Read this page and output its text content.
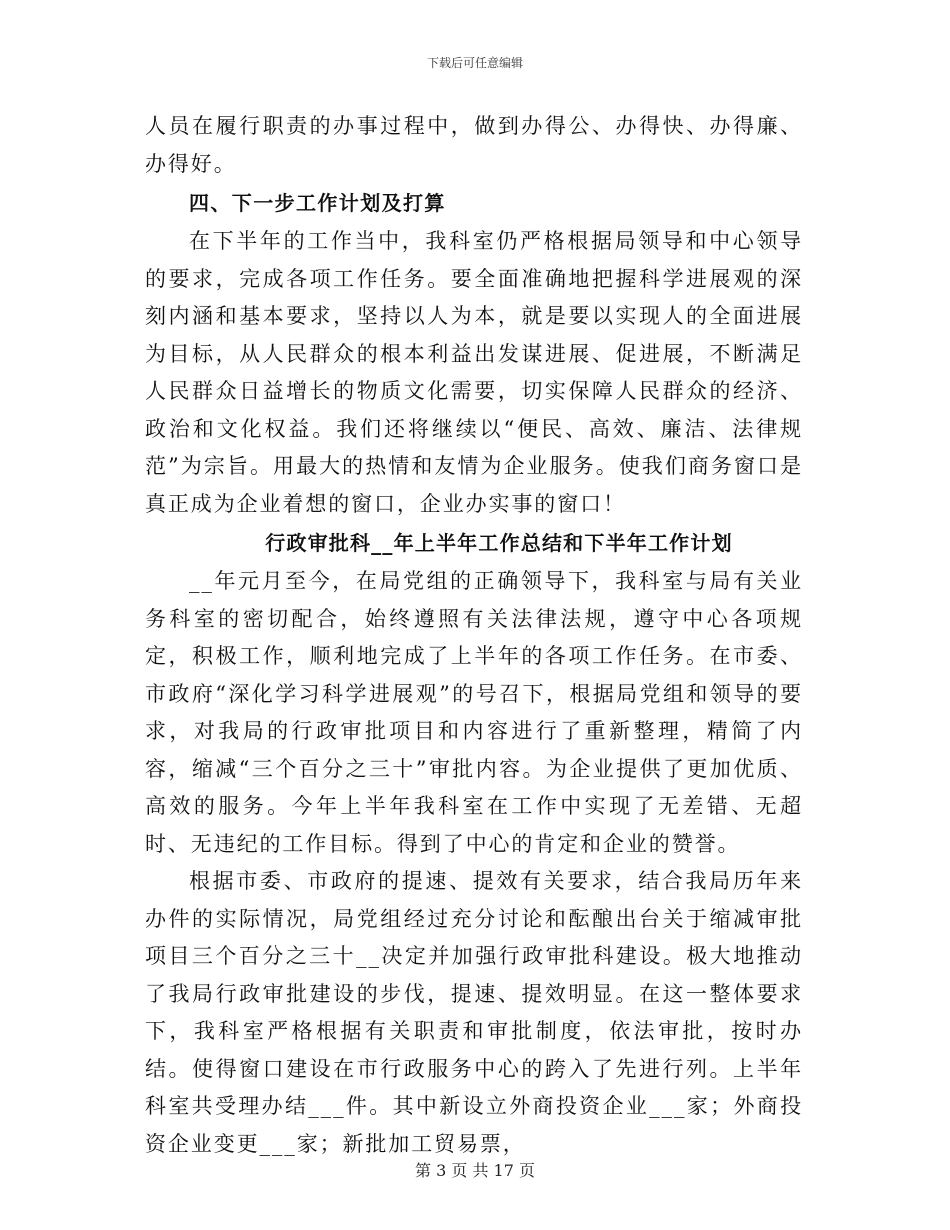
下载后可任意编辑

人员在履行职责的办事过程中，做到办得公、办得快、办得廉、办得好。

四、下一步工作计划及打算

在下半年的工作当中，我科室仍严格根据局领导和中心领导的要求，完成各项工作任务。要全面准确地把握科学进展观的深刻内涵和基本要求，坚持以人为本，就是要以实现人的全面进展为目标，从人民群众的根本利益出发谋进展、促进展，不断满足人民群众日益增长的物质文化需要，切实保障人民群众的经济、政治和文化权益。我们还将继续以“便民、高效、廉洁、法律规范”为宗旨。用最大的热情和友情为企业服务。使我们商务窗口是真正成为企业着想的窗口，企业办实事的窗口！

行政审批科__年上半年工作总结和下半年工作计划

__年元月至今，在局党组的正确领导下，我科室与局有关业务科室的密切配合，始终遵照有关法律法规，遵守中心各项规定，积极工作，顺利地完成了上半年的各项工作任务。在市委、市政府“深化学习科学进展观”的号召下，根据局党组和领导的要求，对我局的行政审批项目和内容进行了重新整理，精简了内容，缩减“三个百分之三十”审批内容。为企业提供了更加优质、高效的服务。今年上半年我科室在工作中实现了无差错、无超时、无违纪的工作目标。得到了中心的肯定和企业的赞誉。

根据市委、市政府的提速、提效有关要求，结合我局历年来办件的实际情况，局党组经过充分讨论和酝酿出台关于缩减审批项目三个百分之三十__决定并加强行政审批科建设。极大地推动了我局行政审批建设的步伐，提速、提效明显。在这一整体要求下，我科室严格根据有关职责和审批制度，依法审批，按时办结。使得窗口建设在市行政服务中心的跨入了先进行列。上半年科室共受理办结___件。其中新设立外商投资企业___家；外商投资企业变更___家；新批加工贸易票，

第 3 页 共 17 页
